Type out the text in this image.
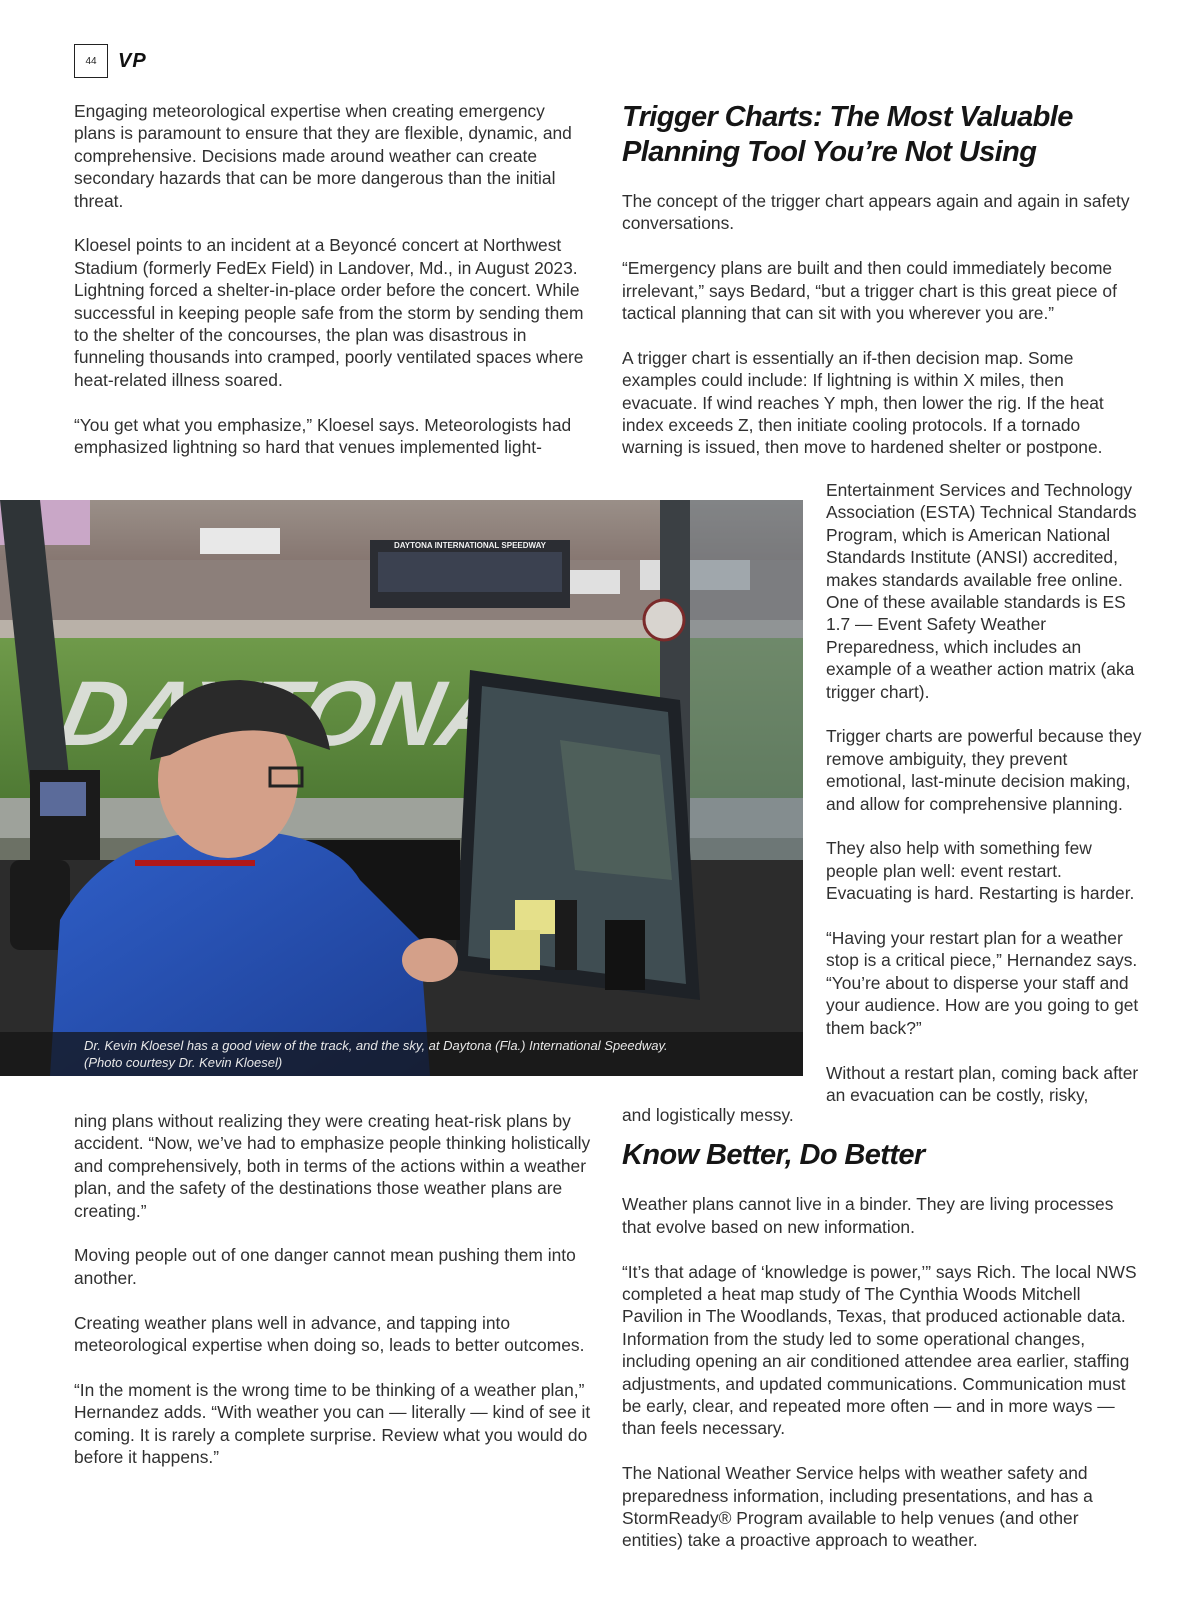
44	VP

Engaging meteorological expertise when creating emergency plans is paramount to ensure that they are flexible, dynamic, and comprehensive. Decisions made around weather can create secondary hazards that can be more dangerous than the initial threat.

Kloesel points to an incident at a Beyoncé concert at Northwest Stadium (formerly FedEx Field) in Landover, Md., in August 2023. Lightning forced a shelter-in-place order before the concert. While successful in keeping people safe from the storm by sending them to the shelter of the concourses, the plan was disastrous in funneling thousands into cramped, poorly ventilated spaces where heat-related illness soared.

“You get what you emphasize,” Kloesel says. Meteorologists had emphasized lightning so hard that venues implemented light-

Trigger Charts: The Most Valuable Planning Tool You’re Not Using

The concept of the trigger chart appears again and again in safety conversations.

“Emergency plans are built and then could immediately become irrelevant,” says Bedard, “but a trigger chart is this great piece of tactical planning that can sit with you wherever you are.”

A trigger chart is essentially an if-then decision map. Some examples could include: If lightning is within X miles, then evacuate. If wind reaches Y mph, then lower the rig. If the heat index exceeds Z, then initiate cooling protocols. If a tornado warning is issued, then move to hardened shelter or postpone.

DAYTONA INTERNATIONAL SPEEDWAY
Dr. Kevin Kloesel has a good view of the track, and the sky, at Daytona (Fla.) International Speedway.
(Photo courtesy Dr. Kevin Kloesel)

Entertainment Services and Technology Association (ESTA) Technical Standards Program, which is American National Standards Institute (ANSI) accredited, makes standards available free online. One of these available standards is ES 1.7 — Event Safety Weather Preparedness, which includes an example of a weather action matrix (aka trigger chart).

Trigger charts are powerful because they remove ambiguity, they prevent emotional, last-minute decision making, and allow for comprehensive planning.

They also help with something few people plan well: event restart. Evacuating is hard. Restarting is harder.

“Having your restart plan for a weather stop is a critical piece,” Hernandez says. “You’re about to disperse your staff and your audience. How are you going to get them back?”

Without a restart plan, coming back after an evacuation can be costly, risky,

and logistically messy.

Know Better, Do Better

Weather plans cannot live in a binder. They are living processes that evolve based on new information.

“It’s that adage of ‘knowledge is power,’” says Rich. The local NWS completed a heat map study of The Cynthia Woods Mitchell Pavilion in The Woodlands, Texas, that produced actionable data. Information from the study led to some operational changes, including opening an air conditioned attendee area earlier, staffing adjustments, and updated communications. Communication must be early, clear, and repeated more often — and in more ways — than feels necessary.

The National Weather Service helps with weather safety and preparedness information, including presentations, and has a StormReady® Program available to help venues (and other entities) take a proactive approach to weather.

ning plans without realizing they were creating heat-risk plans by accident. “Now, we’ve had to emphasize people thinking holistically and comprehensively, both in terms of the actions within a weather plan, and the safety of the destinations those weather plans are creating.”

Moving people out of one danger cannot mean pushing them into another.

Creating weather plans well in advance, and tapping into meteorological expertise when doing so, leads to better outcomes.

“In the moment is the wrong time to be thinking of a weather plan,” Hernandez adds. “With weather you can — literally — kind of see it coming. It is rarely a complete surprise. Review what you would do before it happens.”
